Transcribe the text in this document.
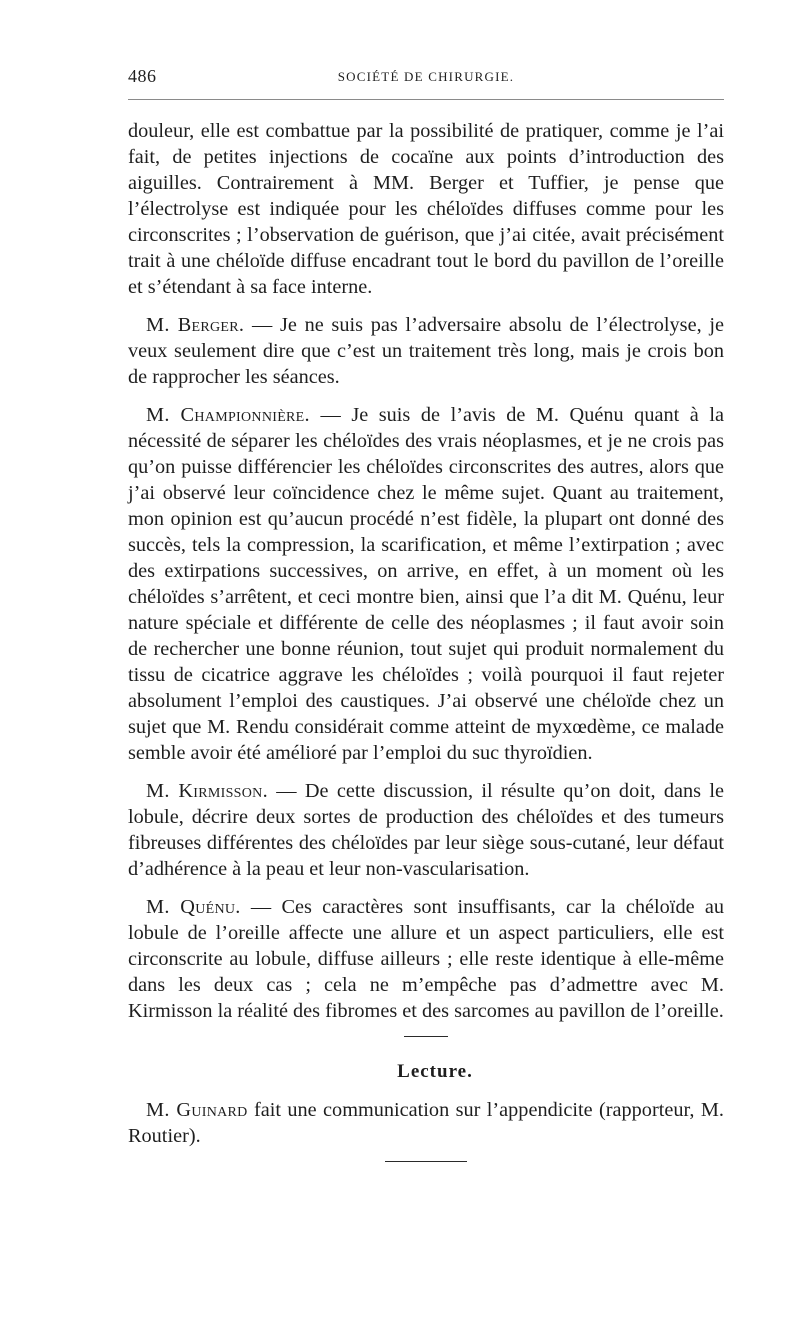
486	SOCIÉTÉ DE CHIRURGIE.

douleur, elle est combattue par la possibilité de pratiquer, comme je l’ai fait, de petites injections de cocaïne aux points d’introduction des aiguilles. Contrairement à MM. Berger et Tuffier, je pense que l’électrolyse est indiquée pour les chéloïdes diffuses comme pour les circonscrites ; l’observation de guérison, que j’ai citée, avait précisément trait à une chéloïde diffuse encadrant tout le bord du pavillon de l’oreille et s’étendant à sa face interne.

M. Berger. — Je ne suis pas l’adversaire absolu de l’électrolyse, je veux seulement dire que c’est un traitement très long, mais je crois bon de rapprocher les séances.

M. Championnière. — Je suis de l’avis de M. Quénu quant à la nécessité de séparer les chéloïdes des vrais néoplasmes, et je ne crois pas qu’on puisse différencier les chéloïdes circonscrites des autres, alors que j’ai observé leur coïncidence chez le même sujet. Quant au traitement, mon opinion est qu’aucun procédé n’est fidèle, la plupart ont donné des succès, tels la compression, la scarification, et même l’extirpation ; avec des extirpations successives, on arrive, en effet, à un moment où les chéloïdes s’arrêtent, et ceci montre bien, ainsi que l’a dit M. Quénu, leur nature spéciale et différente de celle des néoplasmes ; il faut avoir soin de rechercher une bonne réunion, tout sujet qui produit normalement du tissu de cicatrice aggrave les chéloïdes ; voilà pourquoi il faut rejeter absolument l’emploi des caustiques. J’ai observé une chéloïde chez un sujet que M. Rendu considérait comme atteint de myxœdème, ce malade semble avoir été amélioré par l’emploi du suc thyroïdien.

M. Kirmisson. — De cette discussion, il résulte qu’on doit, dans le lobule, décrire deux sortes de production des chéloïdes et des tumeurs fibreuses différentes des chéloïdes par leur siège sous-cutané, leur défaut d’adhérence à la peau et leur non-vascularisation.

M. Quénu. — Ces caractères sont insuffisants, car la chéloïde au lobule de l’oreille affecte une allure et un aspect particuliers, elle est circonscrite au lobule, diffuse ailleurs ; elle reste identique à elle-même dans les deux cas ; cela ne m’empêche pas d’admettre avec M. Kirmisson la réalité des fibromes et des sarcomes au pavillon de l’oreille.

Lecture.

M. Guinard fait une communication sur l’appendicite (rapporteur, M. Routier).
